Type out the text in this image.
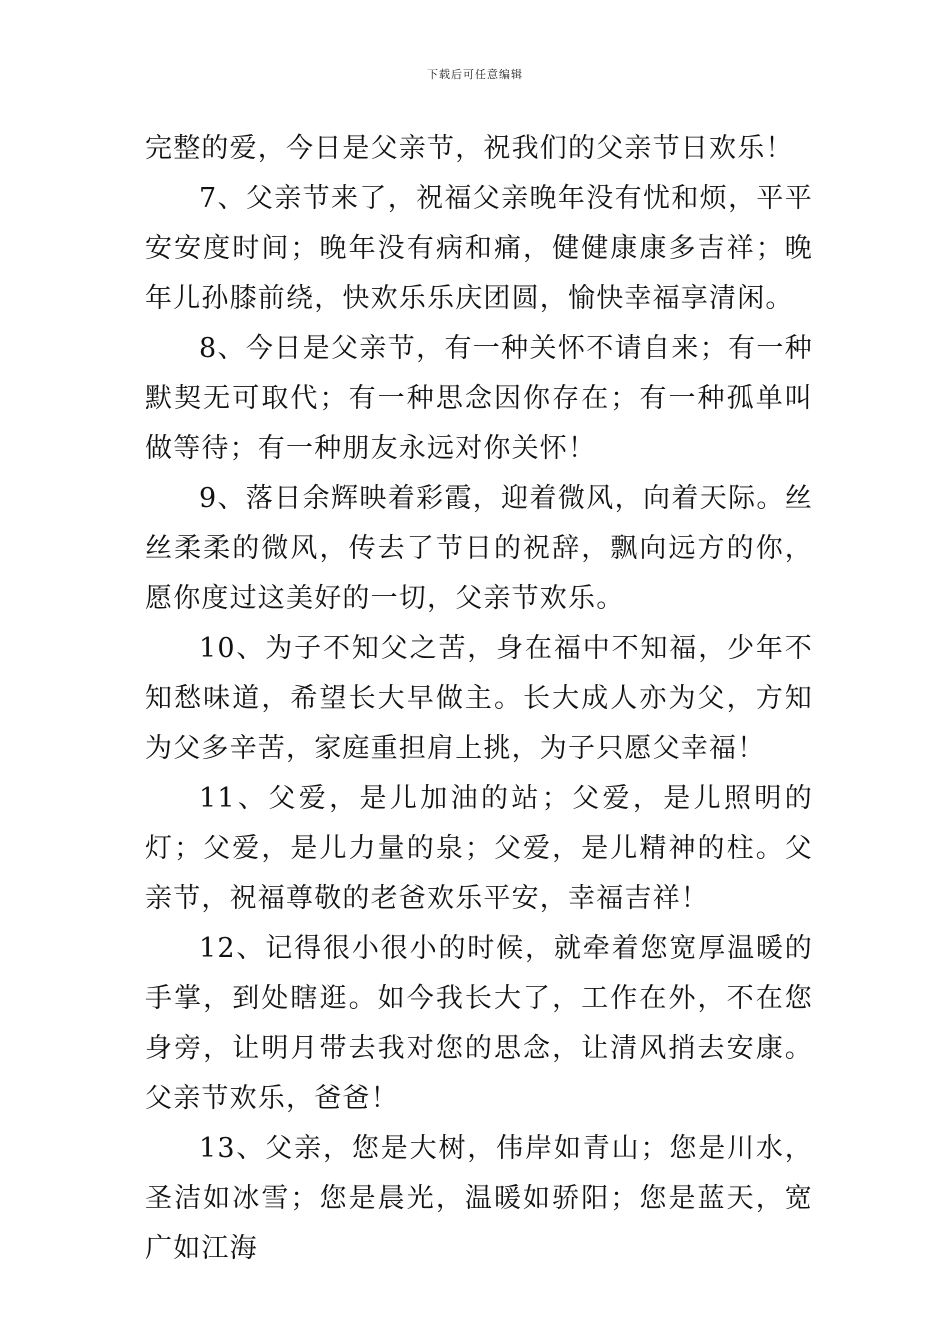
下载后可任意编辑

完整的爱，今日是父亲节，祝我们的父亲节日欢乐！

7、父亲节来了，祝福父亲晚年没有忧和烦，平平安安度时间；晚年没有病和痛，健健康康多吉祥；晚年儿孙膝前绕，快欢乐乐庆团圆，愉快幸福享清闲。

8、今日是父亲节，有一种关怀不请自来；有一种默契无可取代；有一种思念因你存在；有一种孤单叫做等待；有一种朋友永远对你关怀！

9、落日余辉映着彩霞，迎着微风，向着天际。丝丝柔柔的微风，传去了节日的祝辞，飘向远方的你，愿你度过这美好的一切，父亲节欢乐。

10、为子不知父之苦，身在福中不知福，少年不知愁味道，希望长大早做主。长大成人亦为父，方知为父多辛苦，家庭重担肩上挑，为子只愿父幸福！

11、父爱，是儿加油的站；父爱，是儿照明的灯；父爱，是儿力量的泉；父爱，是儿精神的柱。父亲节，祝福尊敬的老爸欢乐平安，幸福吉祥！

12、记得很小很小的时候，就牵着您宽厚温暖的手掌，到处瞎逛。如今我长大了，工作在外，不在您身旁，让明月带去我对您的思念，让清风捎去安康。父亲节欢乐，爸爸！

13、父亲，您是大树，伟岸如青山；您是川水，圣洁如冰雪；您是晨光，温暖如骄阳；您是蓝天，宽广如江海
